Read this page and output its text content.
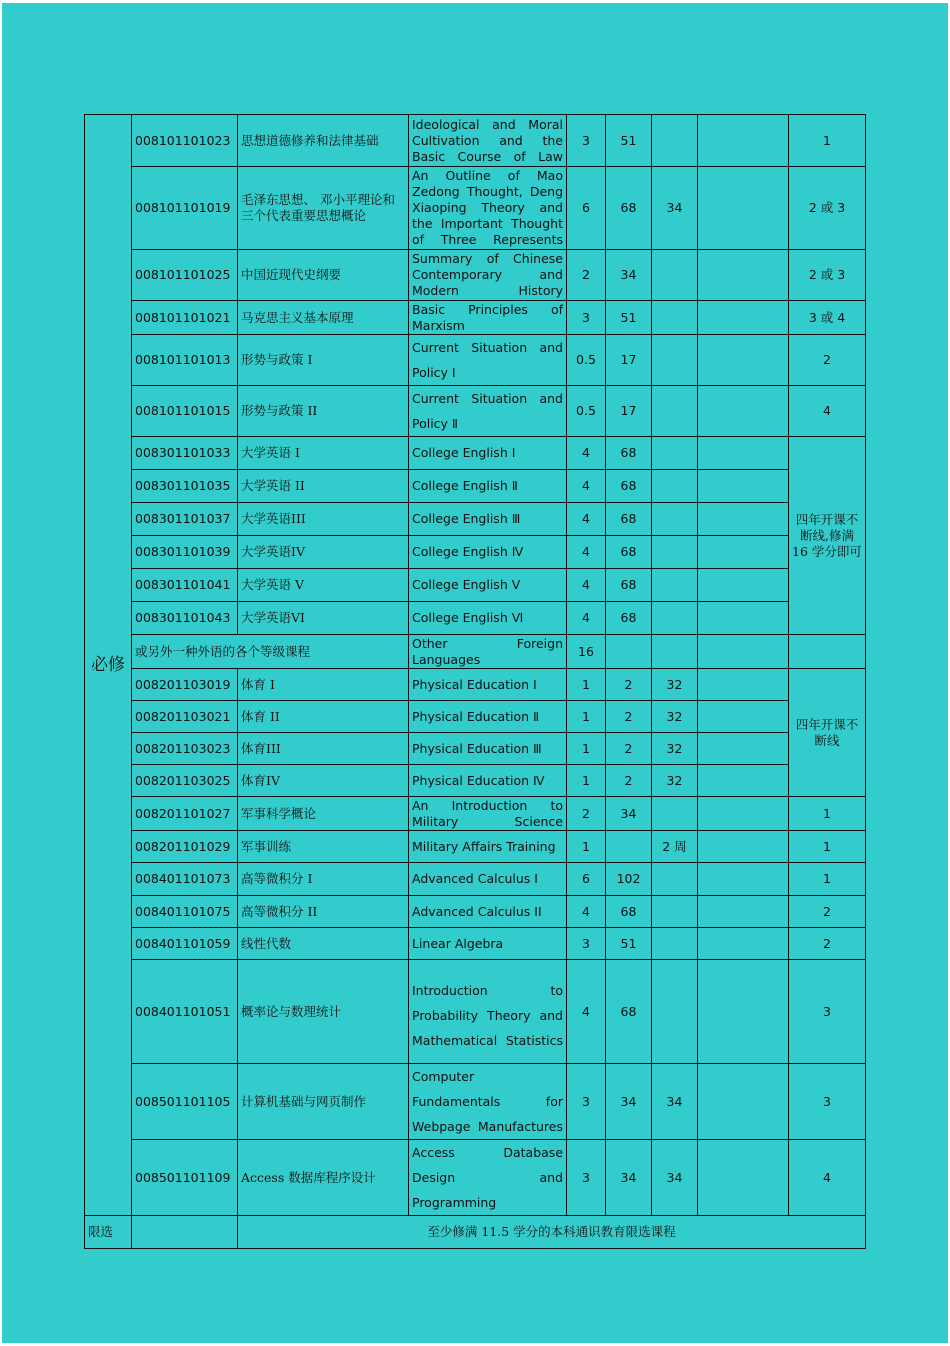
必修	008101101023	思想道德修养和法律基础	Ideological and Moral Cultivation and the Basic Course of Law	3	51			1
	008101101019	毛泽东思想、 邓小平理论和三个代表重要思想概论	An Outline of Mao Zedong Thought, Deng Xiaoping Theory and the Important Thought of Three Represents	6	68	34		2 或 3
	008101101025	中国近现代史纲要	Summary of Chinese Contemporary and Modern History	2	34			2 或 3
	008101101021	马克思主义基本原理	Basic Principles of Marxism	3	51			3 或 4
	008101101013	形势与政策 I	Current Situation and Policy Ⅰ	0.5	17			2
	008101101015	形势与政策 II	Current Situation and Policy Ⅱ	0.5	17			4
	008301101033	大学英语 I	College English Ⅰ	4	68			四年开课不断线,修满 16 学分即可
	008301101035	大学英语 II	College English Ⅱ	4	68			
	008301101037	大学英语III	College English Ⅲ	4	68			
	008301101039	大学英语IV	College English Ⅳ	4	68			
	008301101041	大学英语 V	College English Ⅴ	4	68			
	008301101043	大学英语VI	College English Ⅵ	4	68			
	或另外一种外语的各个等级课程		Other Foreign Languages	16				
	008201103019	体育 I	Physical Education Ⅰ	1	2	32		四年开课不断线
	008201103021	体育 II	Physical Education Ⅱ	1	2	32		
	008201103023	体育III	Physical Education Ⅲ	1	2	32		
	008201103025	体育IV	Physical Education Ⅳ	1	2	32		
	008201101027	军事科学概论	An Introduction to Military Science	2	34			1
	008201101029	军事训练	Military Affairs Training	1		2 周		1
	008401101073	高等微积分 I	Advanced Calculus I	6	102			1
	008401101075	高等微积分 II	Advanced Calculus II	4	68			2
	008401101059	线性代数	Linear Algebra	3	51			2
	008401101051	概率论与数理统计	Introduction to Probability Theory and Mathematical Statistics	4	68			3
	008501101105	计算机基础与网页制作	Computer Fundamentals for Webpage Manufactures	3	34	34		3
	008501101109	Access 数据库程序设计	Access Database Design and Programming	3	34	34		4
限选		至少修满 11.5 学分的本科通识教育限选课程						
